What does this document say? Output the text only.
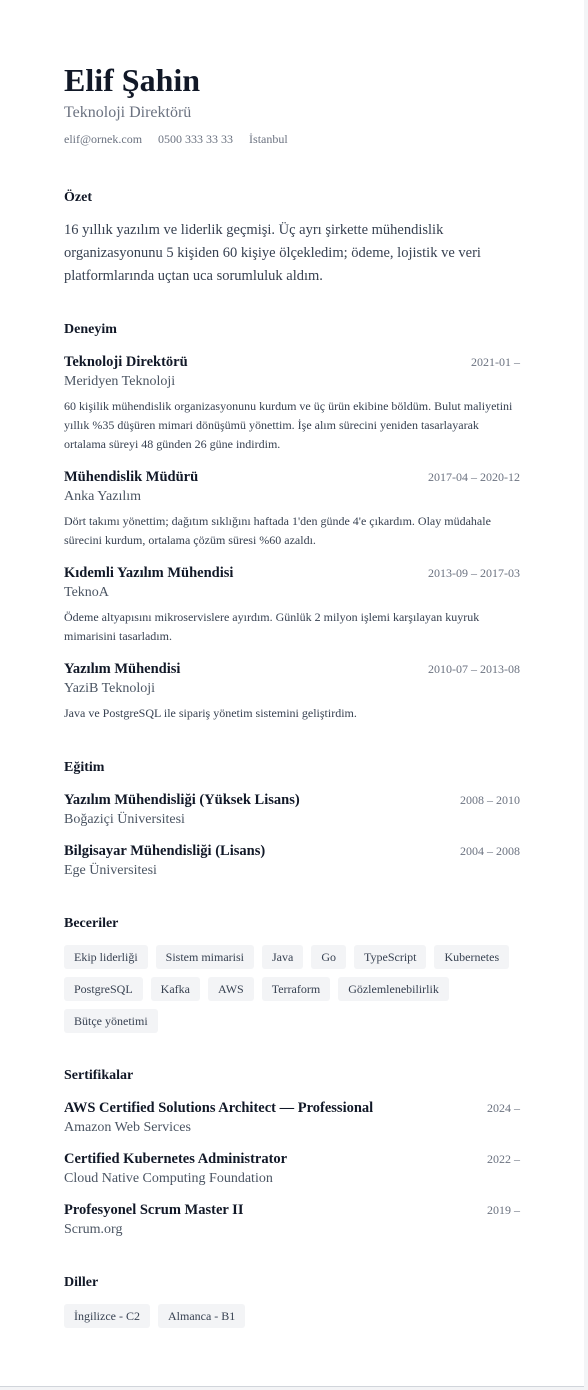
Elif Şahin
Teknoloji Direktörü
elif@ornek.com 0500 333 33 33 İstanbul
Özet
16 yıllık yazılım ve liderlik geçmişi. Üç ayrı şirkette mühendislik organizasyonunu 5 kişiden 60 kişiye ölçekledim; ödeme, lojistik ve veri platformlarında uçtan uca sorumluluk aldım.
Deneyim
Teknoloji Direktörü	2021-01 –
Meridyen Teknoloji
60 kişilik mühendislik organizasyonunu kurdum ve üç ürün ekibine böldüm. Bulut maliyetini yıllık %35 düşüren mimari dönüşümü yönettim. İşe alım sürecini yeniden tasarlayarak ortalama süreyi 48 günden 26 güne indirdim.
Mühendislik Müdürü	2017-04 – 2020-12
Anka Yazılım
Dört takımı yönettim; dağıtım sıklığını haftada 1'den günde 4'e çıkardım. Olay müdahale sürecini kurdum, ortalama çözüm süresi %60 azaldı.
Kıdemli Yazılım Mühendisi	2013-09 – 2017-03
TeknoA
Ödeme altyapısını mikroservislere ayırdım. Günlük 2 milyon işlemi karşılayan kuyruk mimarisini tasarladım.
Yazılım Mühendisi	2010-07 – 2013-08
YaziB Teknoloji
Java ve PostgreSQL ile sipariş yönetim sistemini geliştirdim.
Eğitim
Yazılım Mühendisliği (Yüksek Lisans)	2008 – 2010
Boğaziçi Üniversitesi
Bilgisayar Mühendisliği (Lisans)	2004 – 2008
Ege Üniversitesi
Beceriler
Ekip liderliği	Sistem mimarisi	Java	Go	TypeScript	Kubernetes
PostgreSQL	Kafka	AWS	Terraform	Gözlemlenebilirlik
Bütçe yönetimi
Sertifikalar
AWS Certified Solutions Architect — Professional	2024 –
Amazon Web Services
Certified Kubernetes Administrator	2022 –
Cloud Native Computing Foundation
Profesyonel Scrum Master II	2019 –
Scrum.org
Diller
İngilizce - C2	Almanca - B1
